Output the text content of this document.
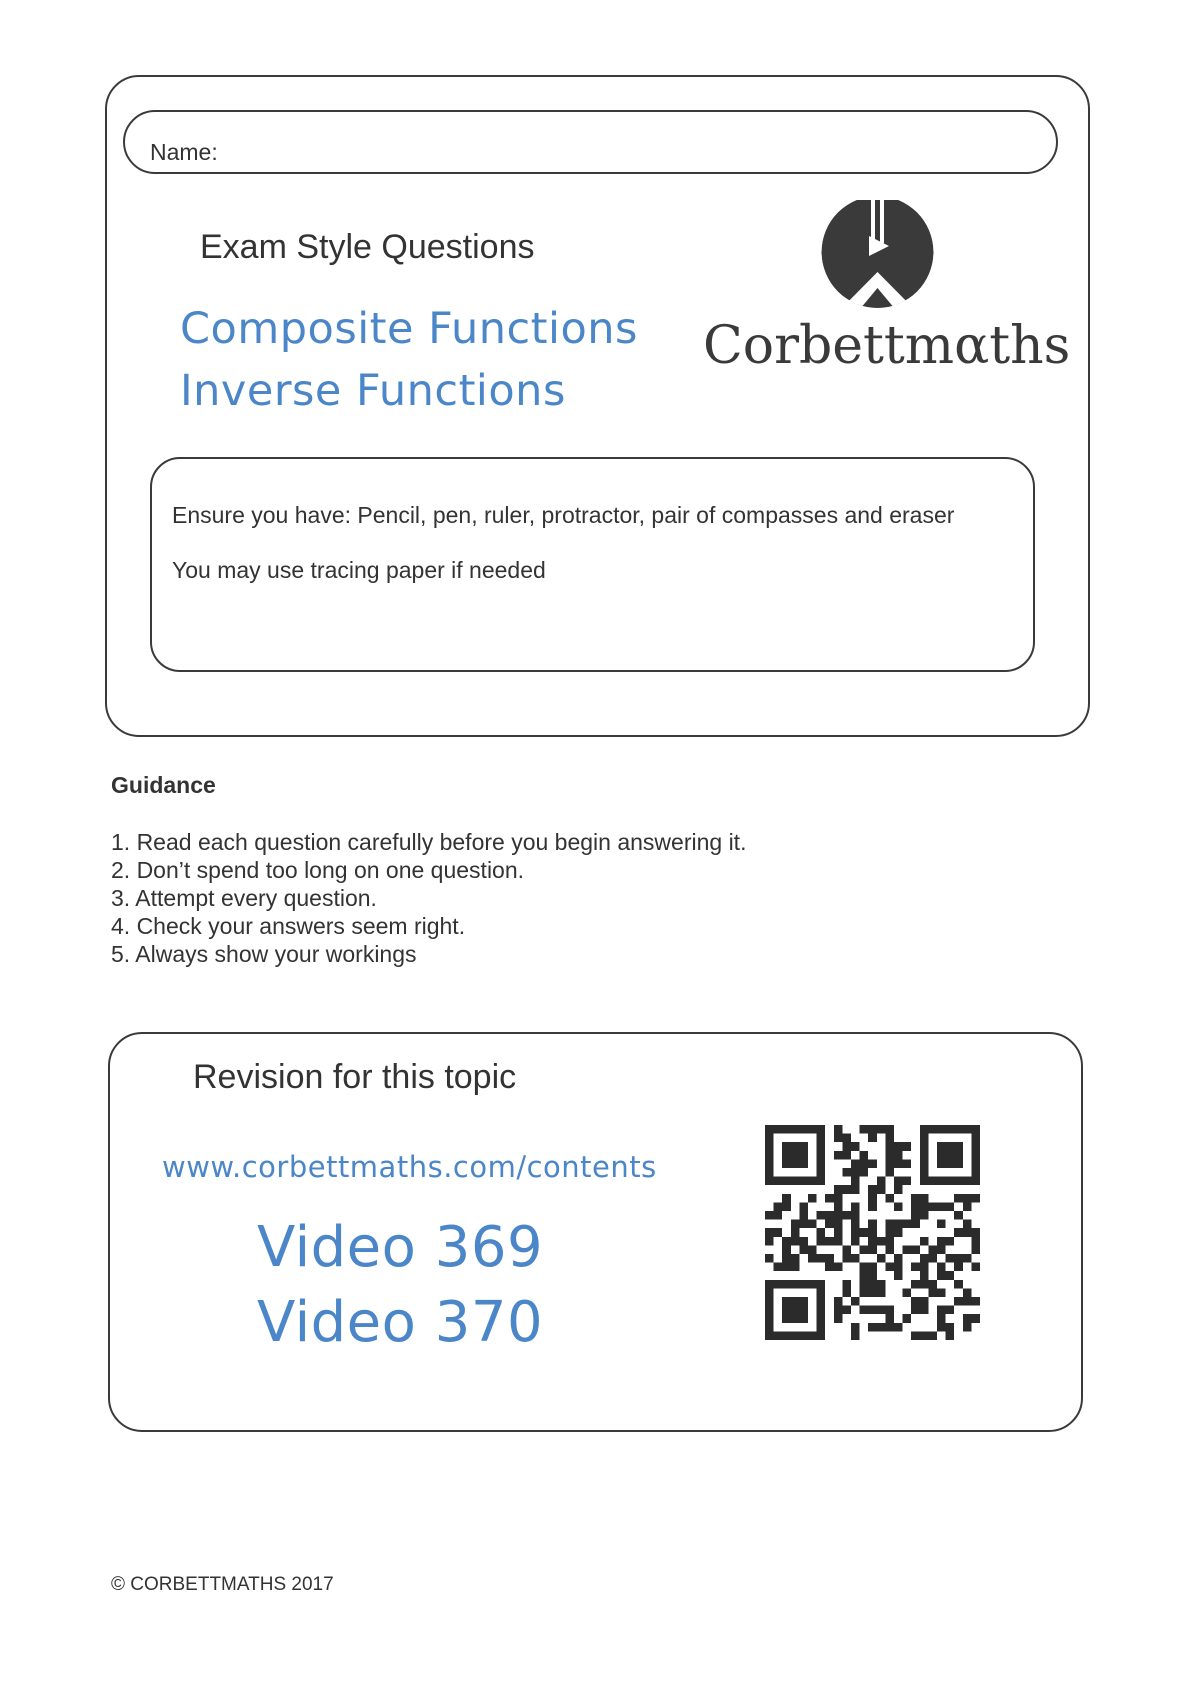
Name:
Exam Style Questions
Composite Functions
Inverse Functions
Corbettmαths
Ensure you have: Pencil, pen, ruler, protractor, pair of compasses and eraser
You may use tracing paper if needed
Guidance
1. Read each question carefully before you begin answering it.
2. Don’t spend too long on one question.
3. Attempt every question.
4. Check your answers seem right.
5. Always show your workings
Revision for this topic
www.corbettmaths.com/contents
Video 369
Video 370
© CORBETTMATHS 2017
